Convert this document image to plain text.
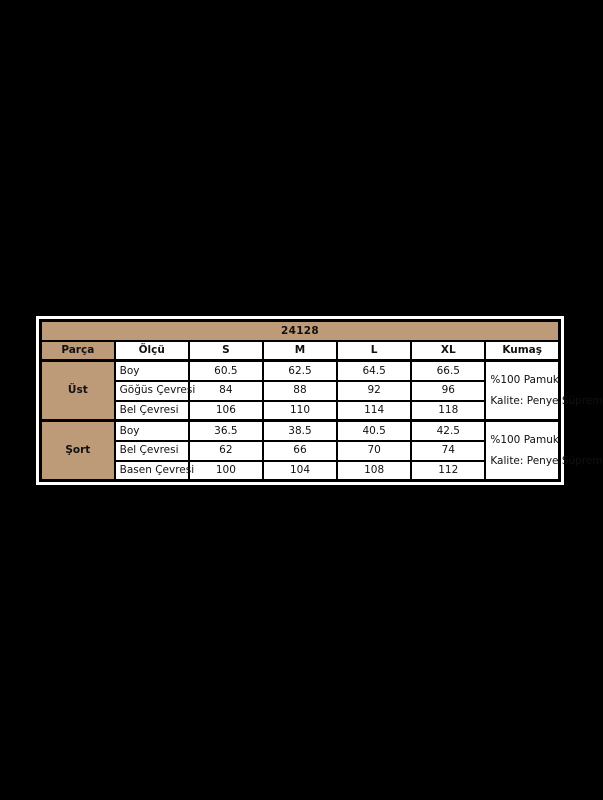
24128						
Parça	Ölçü	S	M	L	XL	Kumaş
Üst	Boy	60.5	62.5	64.5	66.5	%100 Pamuk
Kalite: Penye Süprem

	Göğüs Çevresi	84	88	92	96	
	Bel Çevresi	106	110	114	118	
Şort	Boy	36.5	38.5	40.5	42.5	%100 Pamuk
Kalite: Penye Süprem

	Bel Çevresi	62	66	70	74	
	Basen Çevresi	100	104	108	112	
